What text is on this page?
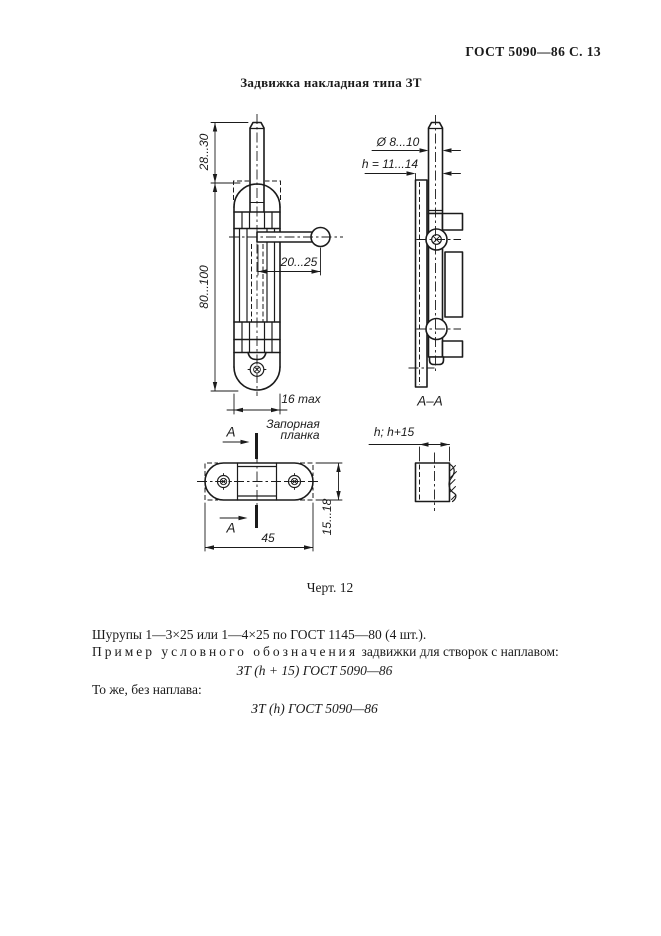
ГОСТ 5090—86 С. 13
Задвижка накладная типа ЗТ
28...30
80...100
20...25
16 max
Запорная
планка
А
А
45
15...18
Ø 8...10
h = 11...14
А–А
h; h+15
Черт. 12

Шурупы 1—3×25 или 1—4×25 по ГОСТ 1145—80 (4 шт.).

Пример условного обозначения задвижки для створок с наплавом:

ЗТ (h + 15) ГОСТ 5090—86

То же, без наплава:

ЗТ (h) ГОСТ 5090—86
